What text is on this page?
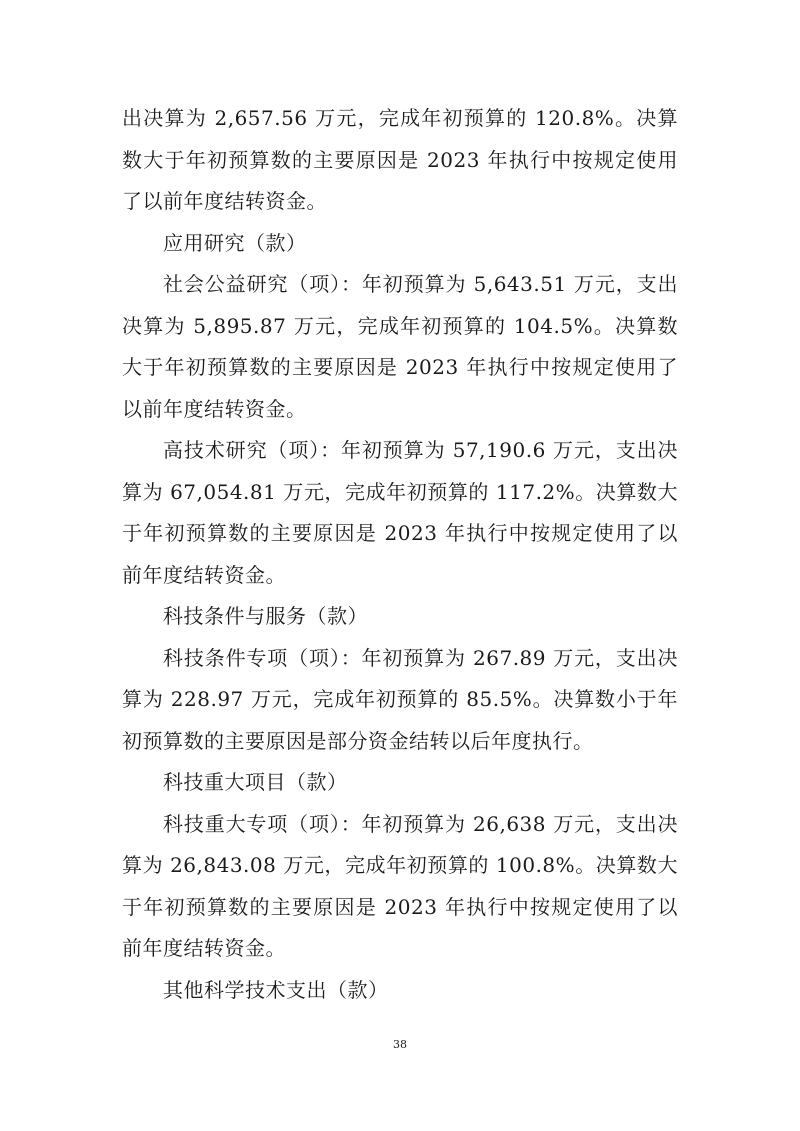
出决算为 2,657.56 万元，完成年初预算的 120.8%。决算数大于年初预算数的主要原因是 2023 年执行中按规定使用了以前年度结转资金。

应用研究（款）

社会公益研究（项）：年初预算为 5,643.51 万元，支出决算为 5,895.87 万元，完成年初预算的 104.5%。决算数大于年初预算数的主要原因是 2023 年执行中按规定使用了以前年度结转资金。

高技术研究（项）：年初预算为 57,190.6 万元，支出决算为 67,054.81 万元，完成年初预算的 117.2%。决算数大于年初预算数的主要原因是 2023 年执行中按规定使用了以前年度结转资金。

科技条件与服务（款）

科技条件专项（项）：年初预算为 267.89 万元，支出决算为 228.97 万元，完成年初预算的 85.5%。决算数小于年初预算数的主要原因是部分资金结转以后年度执行。

科技重大项目（款）

科技重大专项（项）：年初预算为 26,638 万元，支出决算为 26,843.08 万元，完成年初预算的 100.8%。决算数大于年初预算数的主要原因是 2023 年执行中按规定使用了以前年度结转资金。

其他科学技术支出（款）

38
